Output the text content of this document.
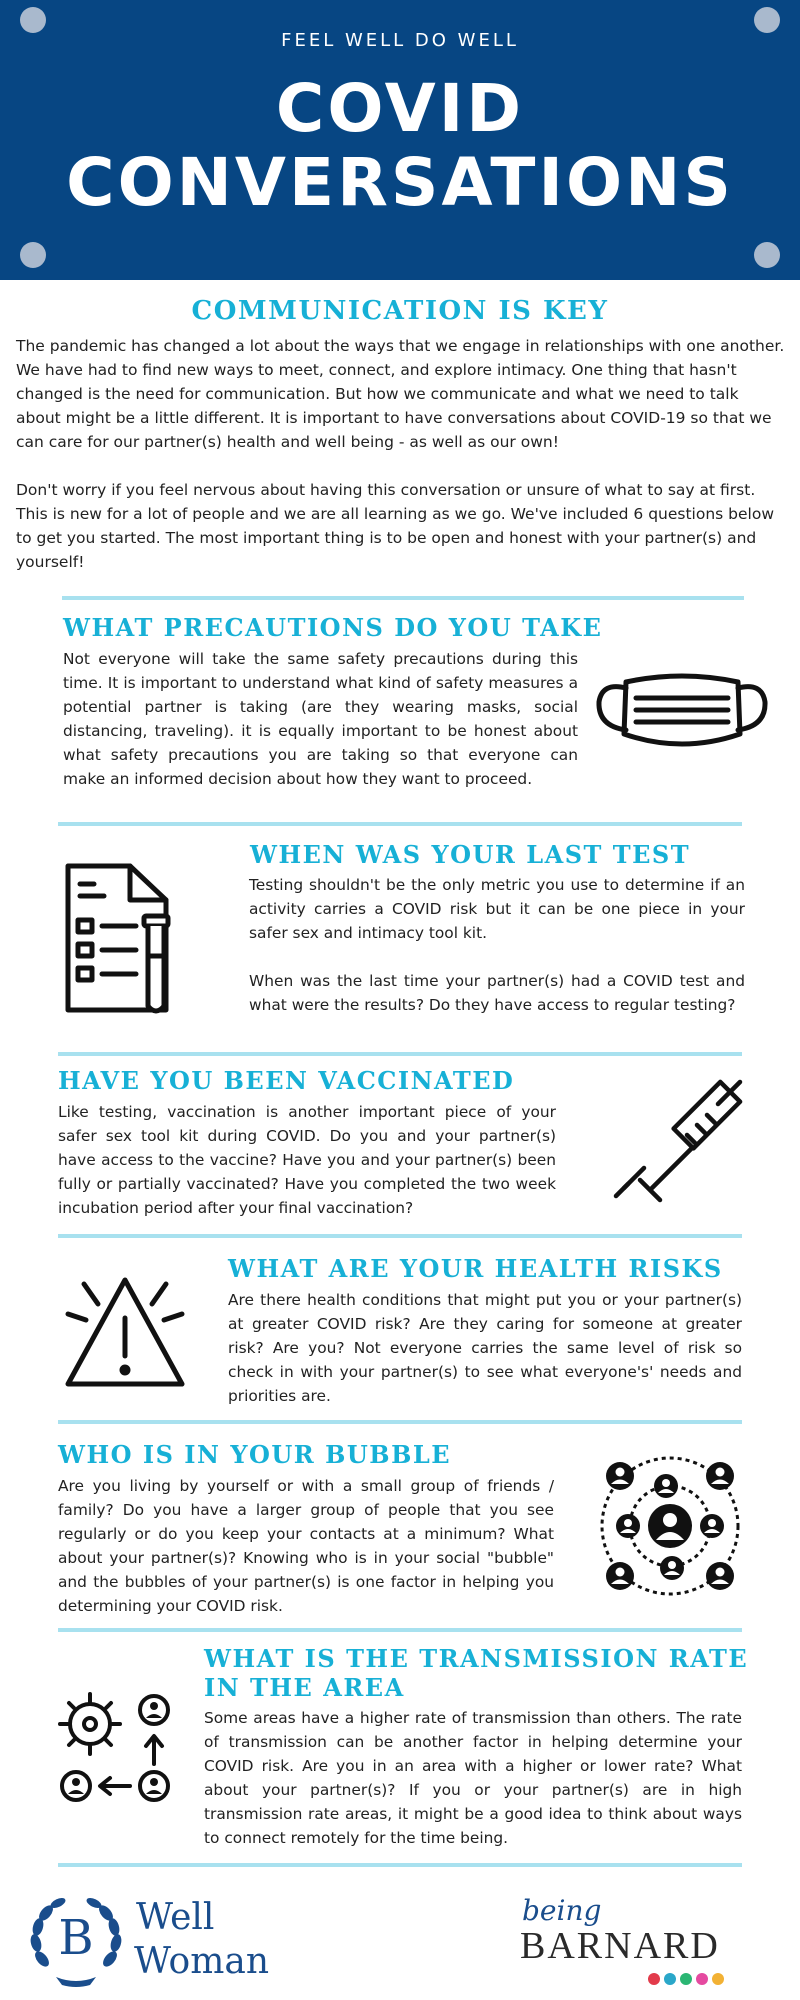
FEEL WELL DO WELL
COVID
CONVERSATIONS
COMMUNICATION IS KEY

The pandemic has changed a lot about the ways that we engage in relationships with one another. We have had to find new ways to meet, connect, and explore intimacy. One thing that hasn't changed is the need for communication. But how we communicate and what we need to talk about might be a little different. It is important to have conversations about COVID-19 so that we can care for our partner(s) health and well being - as well as our own!

Don't worry if you feel nervous about having this conversation or unsure of what to say at first. This is new for a lot of people and we are all learning as we go. We've included 6 questions below to get you started. The most important thing is to be open and honest with your partner(s) and yourself!

WHAT PRECAUTIONS DO YOU TAKE

Not everyone will take the same safety precautions during this time. It is important to understand what kind of safety measures a potential partner is taking (are they wearing masks, social distancing, traveling). it is equally important to be honest about what safety precautions you are taking so that everyone can make an informed decision about how they want to proceed.

WHEN WAS YOUR LAST TEST

Testing shouldn't be the only metric you use to determine if an activity carries a COVID risk but it can be one piece in your safer sex and intimacy tool kit.

When was the last time your partner(s) had a COVID test and what were the results? Do they have access to regular testing?

HAVE YOU BEEN VACCINATED

Like testing, vaccination is another important piece of your safer sex tool kit during COVID. Do you and your partner(s) have access to the vaccine? Have you and your partner(s) been fully or partially vaccinated? Have you completed the two week incubation period after your final vaccination?

WHAT ARE YOUR HEALTH RISKS

Are there health conditions that might put you or your partner(s) at greater COVID risk? Are they caring for someone at greater risk? Are you? Not everyone carries the same level of risk so check in with your partner(s) to see what everyone's' needs and priorities are.

WHO IS IN YOUR BUBBLE

Are you living by yourself or with a small group of friends / family? Do you have a larger group of people that you see regularly or do you keep your contacts at a minimum? What about your partner(s)? Knowing who is in your social "bubble" and the bubbles of your partner(s) is one factor in helping you determining your COVID risk.

WHAT IS THE TRANSMISSION RATE IN THE AREA

Some areas have a higher rate of transmission than others. The rate of transmission can be another factor in helping determine your COVID risk. Are you in an area with a higher or lower rate? What about your partner(s)? If you or your partner(s) are in high transmission rate areas, it might be a good idea to think about ways to connect remotely for the time being.

B	Well
Woman
being
BARNARD
